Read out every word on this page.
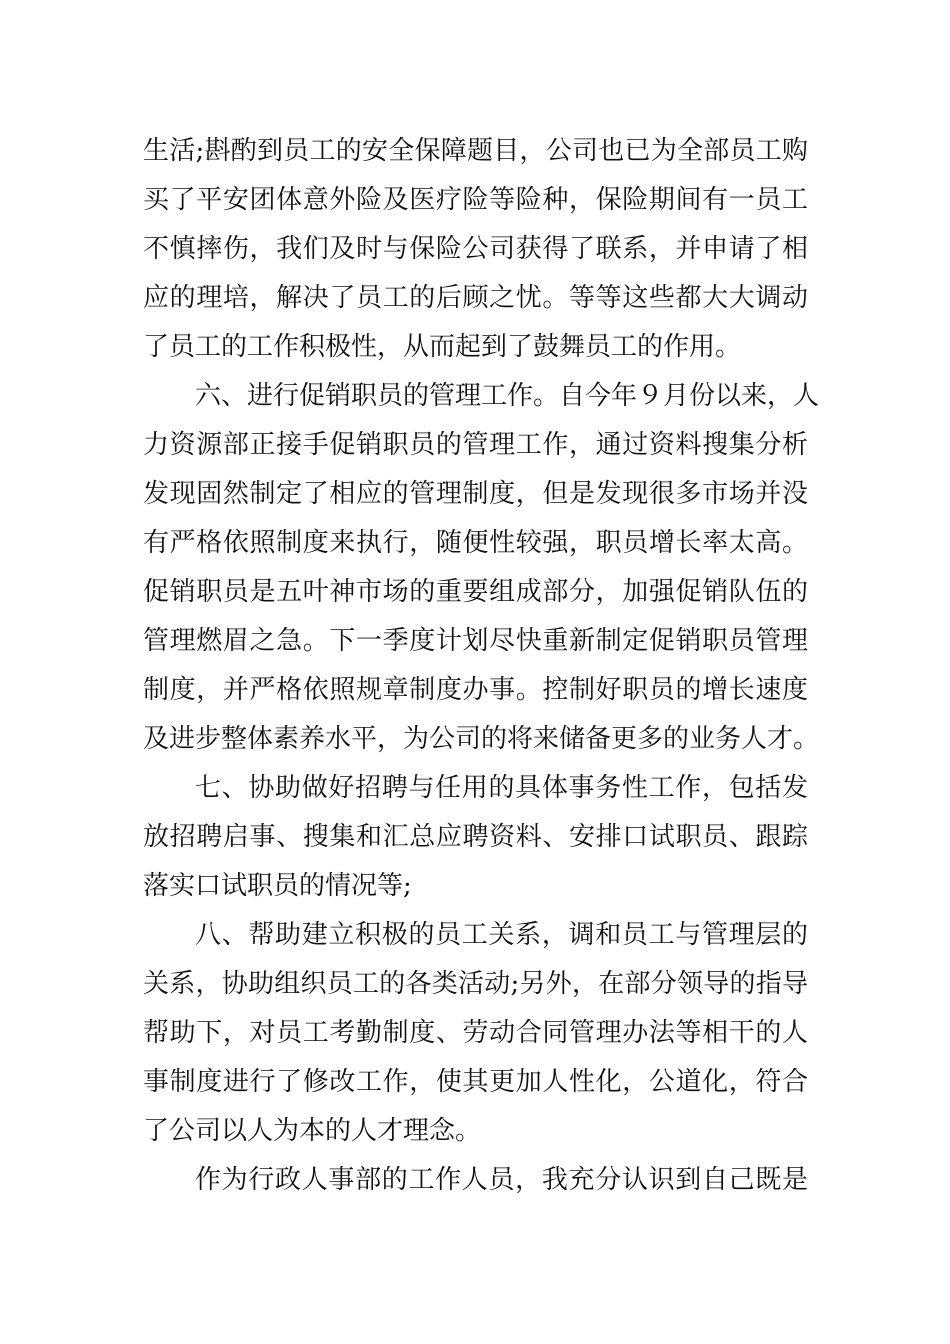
生活;斟酌到员工的安全保障题目，公司也已为全部员工购
买了平安团体意外险及医疗险等险种，保险期间有一员工
不慎摔伤，我们及时与保险公司获得了联系，并申请了相
应的理培，解决了员工的后顾之忧。等等这些都大大调动
了员工的工作积极性，从而起到了鼓舞员工的作用。
六、进行促销职员的管理工作。自今年９月份以来，人
力资源部正接手促销职员的管理工作，通过资料搜集分析
发现固然制定了相应的管理制度，但是发现很多市场并没
有严格依照制度来执行，随便性较强，职员增长率太高。
促销职员是五叶神市场的重要组成部分，加强促销队伍的
管理燃眉之急。下一季度计划尽快重新制定促销职员管理
制度，并严格依照规章制度办事。控制好职员的增长速度
及进步整体素养水平，为公司的将来储备更多的业务人才。
七、协助做好招聘与任用的具体事务性工作，包括发
放招聘启事、搜集和汇总应聘资料、安排口试职员、跟踪
落实口试职员的情况等;
八、帮助建立积极的员工关系，调和员工与管理层的
关系，协助组织员工的各类活动;另外，在部分领导的指导
帮助下，对员工考勤制度、劳动合同管理办法等相干的人
事制度进行了修改工作，使其更加人性化，公道化，符合
了公司以人为本的人才理念。
作为行政人事部的工作人员，我充分认识到自己既是
